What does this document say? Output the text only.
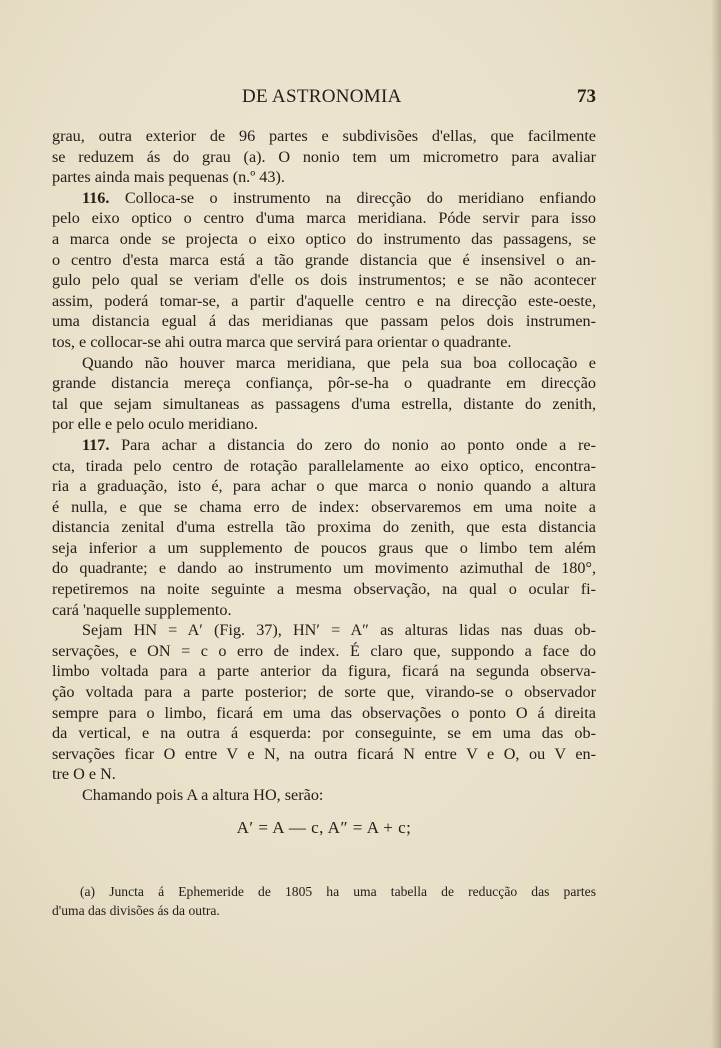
DE ASTRONOMIA	73
grau, outra exterior de 96 partes e subdivisões d'ellas, que facilmente
se reduzem ás do grau (a). O nonio tem um micrometro para avaliar
partes ainda mais pequenas (n.º 43).
116. Colloca-se o instrumento na direcção do meridiano enfiando
pelo eixo optico o centro d'uma marca meridiana. Póde servir para isso
a marca onde se projecta o eixo optico do instrumento das passagens, se
o centro d'esta marca está a tão grande distancia que é insensivel o an-
gulo pelo qual se veriam d'elle os dois instrumentos; e se não acontecer
assim, poderá tomar-se, a partir d'aquelle centro e na direcção este-oeste,
uma distancia egual á das meridianas que passam pelos dois instrumen-
tos, e collocar-se ahi outra marca que servirá para orientar o quadrante.
Quando não houver marca meridiana, que pela sua boa collocação e
grande distancia mereça confiança, pôr-se-ha o quadrante em direcção
tal que sejam simultaneas as passagens d'uma estrella, distante do zenith,
por elle e pelo oculo meridiano.
117. Para achar a distancia do zero do nonio ao ponto onde a re-
cta, tirada pelo centro de rotação parallelamente ao eixo optico, encontra-
ria a graduação, isto é, para achar o que marca o nonio quando a altura
é nulla, e que se chama erro de index: observaremos em uma noite a
distancia zenital d'uma estrella tão proxima do zenith, que esta distancia
seja inferior a um supplemento de poucos graus que o limbo tem além
do quadrante; e dando ao instrumento um movimento azimuthal de 180°,
repetiremos na noite seguinte a mesma observação, na qual o ocular fi-
cará 'naquelle supplemento.
Sejam HN = A′ (Fig. 37), HN′ = A″ as alturas lidas nas duas ob-
servações, e ON = c o erro de index. É claro que, suppondo a face do
limbo voltada para a parte anterior da figura, ficará na segunda observa-
ção voltada para a parte posterior; de sorte que, virando-se o observador
sempre para o limbo, ficará em uma das observações o ponto O á direita
da vertical, e na outra á esquerda: por conseguinte, se em uma das ob-
servações ficar O entre V e N, na outra ficará N entre V e O, ou V en-
tre O e N.
Chamando pois A a altura HO, serão:
A′ = A — c, A″ = A + c;
(a) Juncta á Ephemeride de 1805 ha uma tabella de reducção das partes
d'uma das divisões ás da outra.
